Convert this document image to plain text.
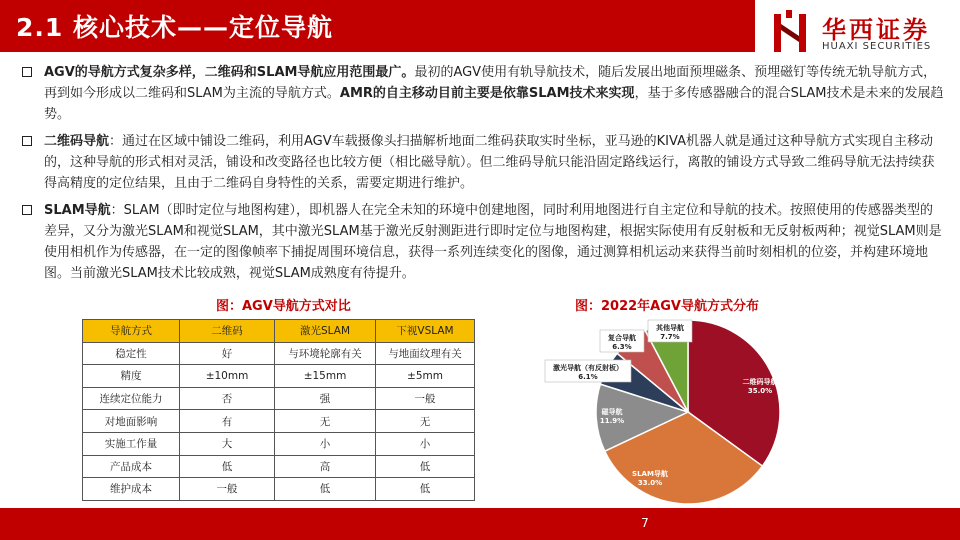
2.1 核心技术——定位导航	华西证券
HUAXI SECURITIES
AGV的导航方式复杂多样，二维码和SLAM导航应用范围最广。最初的AGV使用有轨导航技术，随后发展出地面预埋磁条、预埋磁钉等传统无轨导航方式，再到如今形成以二维码和SLAM为主流的导航方式。AMR的自主移动目前主要是依靠SLAM技术来实现，基于多传感器融合的混合SLAM技术是未来的发展趋势。
二维码导航：通过在区域中铺设二维码，利用AGV车载摄像头扫描解析地面二维码获取实时坐标，亚马逊的KIVA机器人就是通过这种导航方式实现自主移动的，这种导航的形式相对灵活，铺设和改变路径也比较方便（相比磁导航）。但二维码导航只能沿固定路线运行，离散的铺设方式导致二维码导航无法持续获得高精度的定位结果，且由于二维码自身特性的关系，需要定期进行维护。
SLAM导航：SLAM（即时定位与地图构建），即机器人在完全未知的环境中创建地图，同时利用地图进行自主定位和导航的技术。按照使用的传感器类型的差异，又分为激光SLAM和视觉SLAM，其中激光SLAM基于激光反射测距进行即时定位与地图构建，根据实际使用有反射板和无反射板两种；视觉SLAM则是使用相机作为传感器，在一定的图像帧率下捕捉周围环境信息，获得一系列连续变化的图像，通过测算相机运动来获得当前时刻相机的位姿，并构建环境地图。当前激光SLAM技术比较成熟，视觉SLAM成熟度有待提升。
图：AGV导航方式对比
导航方式	二维码	激光SLAM	下视VSLAM
稳定性	好	与环境轮廓有关	与地面纹理有关
精度	±10mm	±15mm	±5mm
连续定位能力	否	强	一般
对地面影响	有	无	无
实施工作量	大	小	小
产品成本	低	高	低
维护成本	一般	低	低
图：2022年AGV导航方式分布
二维码导航
35.0%
SLAM导航
33.0%
磁导航
11.9%
激光导航（有反射板）
6.1%
复合导航
6.3%
其他导航
7.7%
7
